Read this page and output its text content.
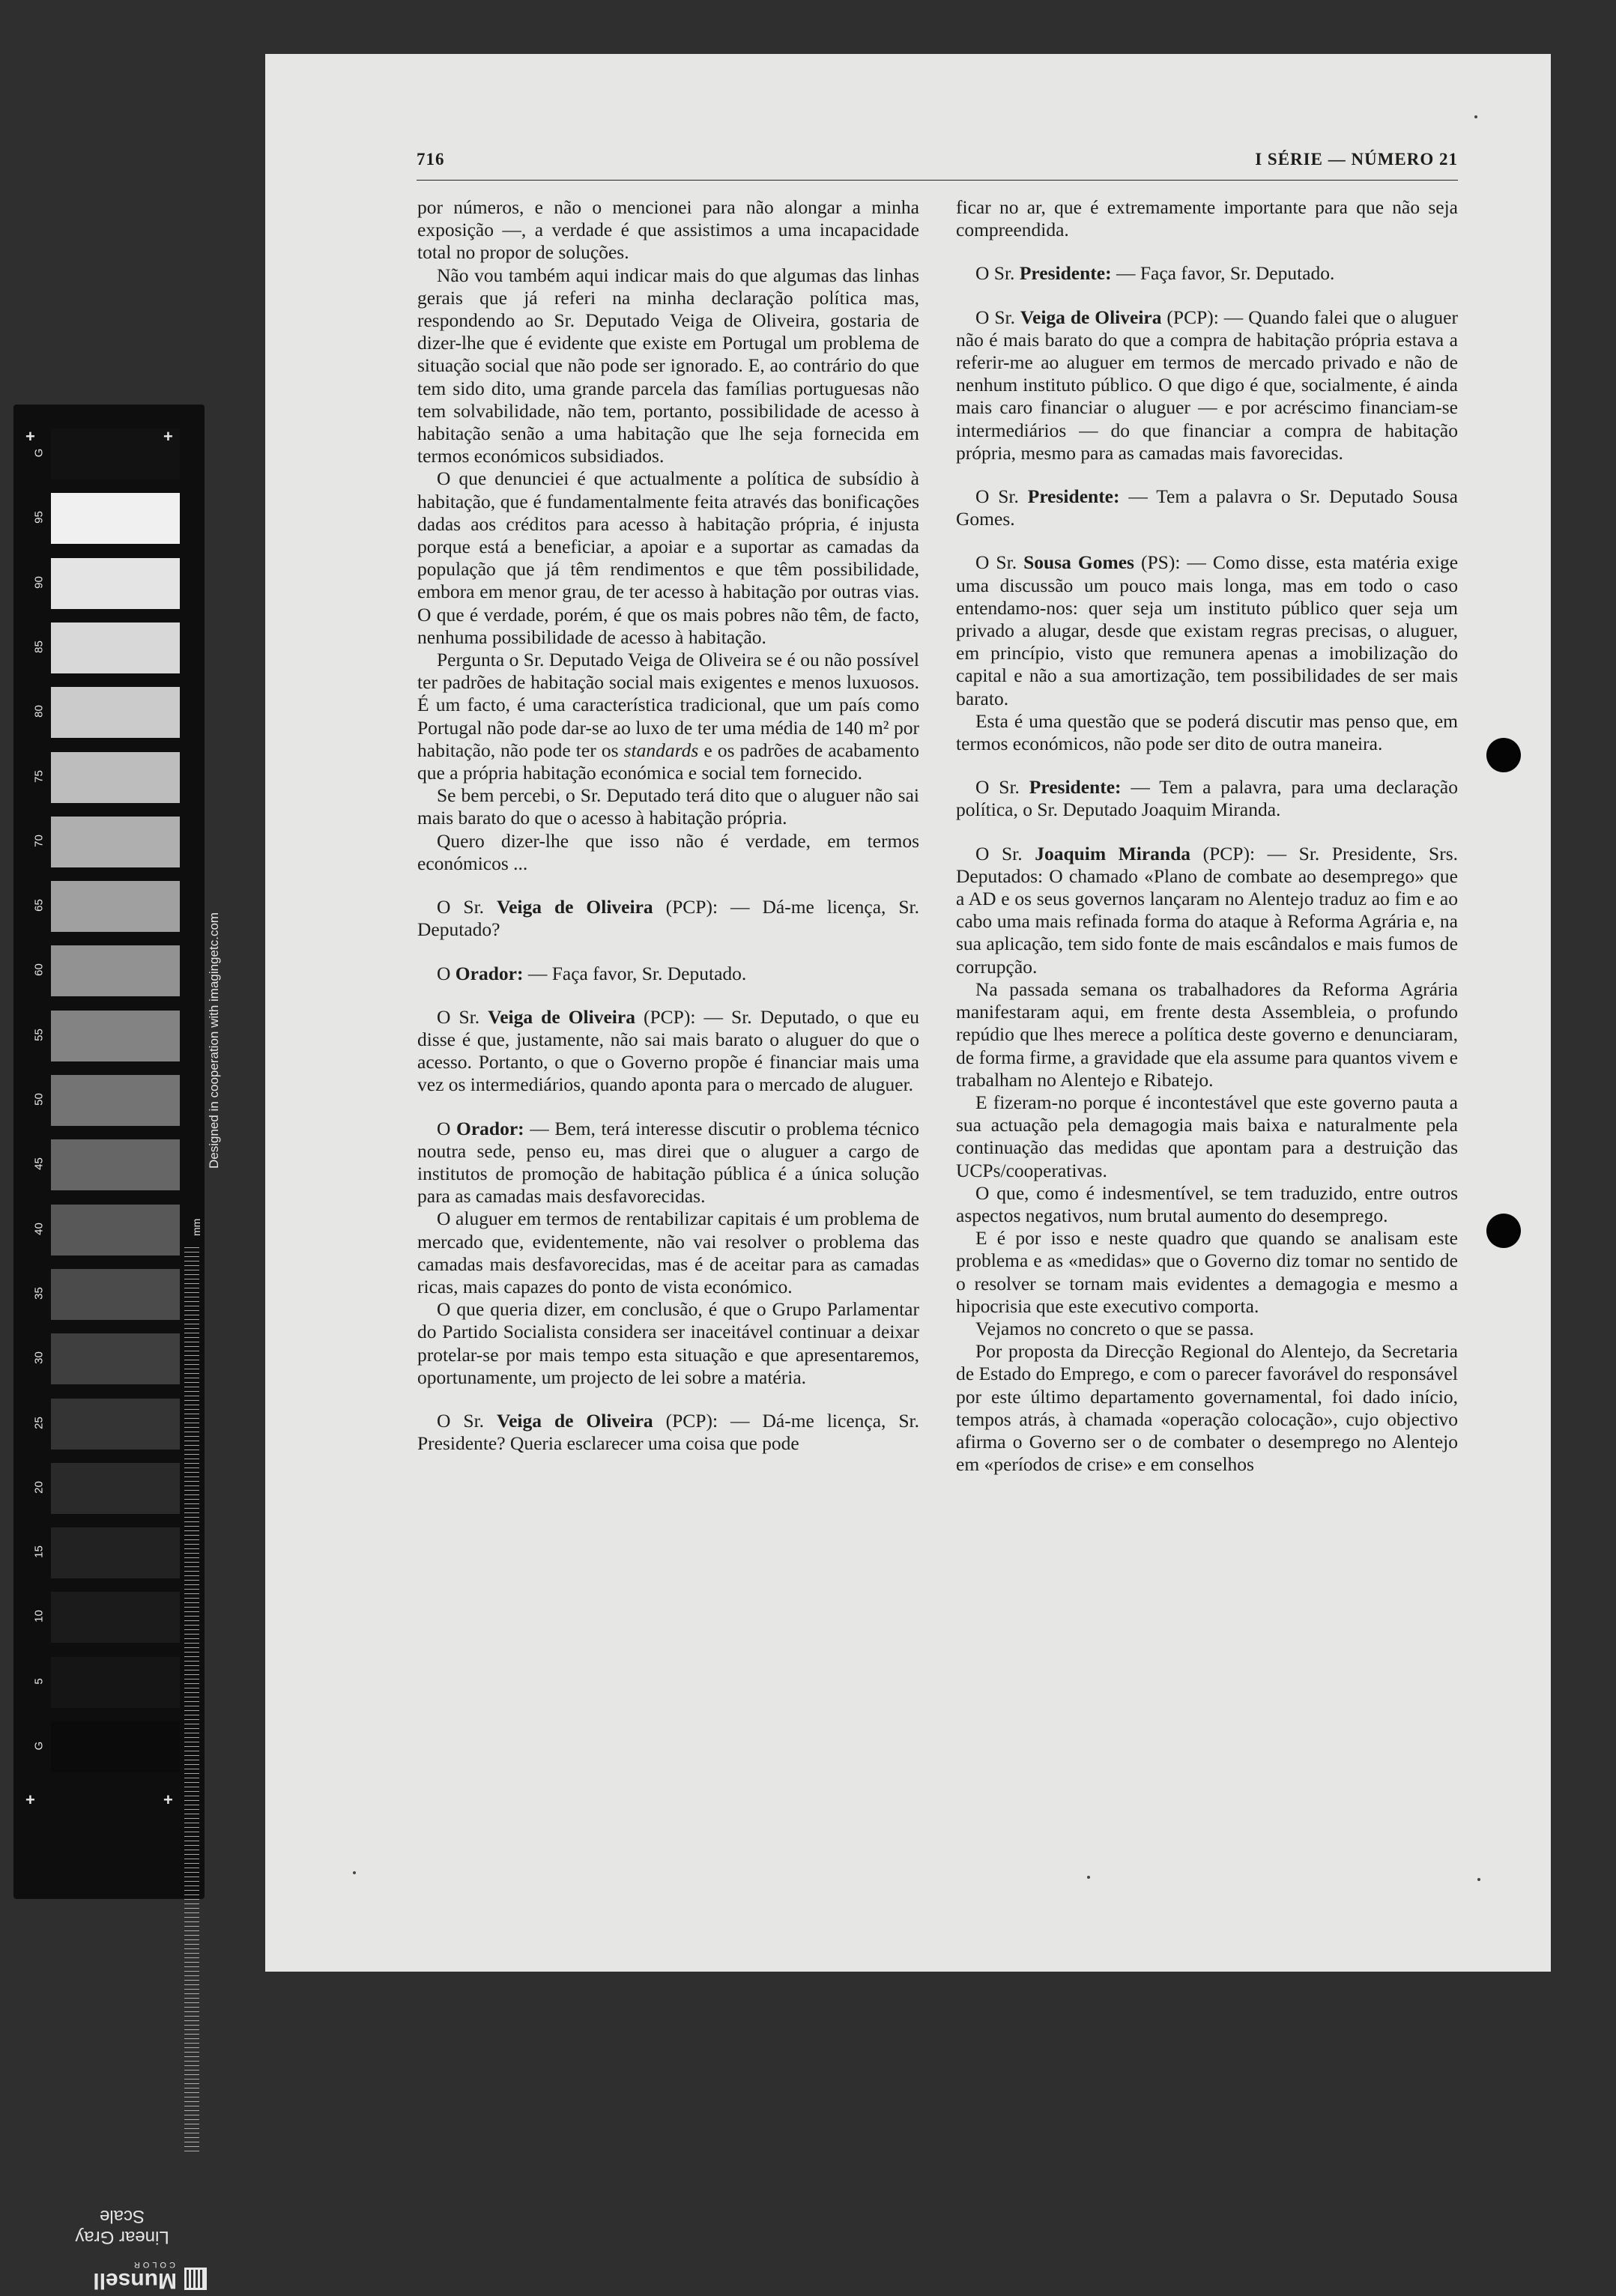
G
95
90
85
80
75
70
65
60
55
50
45
40
35
30
25
20
15
10
5
G
+	+
+	+
mm
Designed in cooperation with imagingetc.com
Linear Gray Scale
Munsell
COLOR
716	I SÉRIE — NÚMERO 21

por números, e não o mencionei para não alongar a minha exposição —, a verdade é que assistimos a uma incapacidade total no propor de soluções.

Não vou também aqui indicar mais do que algumas das linhas gerais que já referi na minha declaração política mas, respondendo ao Sr. Deputado Veiga de Oliveira, gostaria de dizer-lhe que é evidente que existe em Portugal um problema de situação social que não pode ser ignorado. E, ao contrário do que tem sido dito, uma grande parcela das famílias portuguesas não tem solvabilidade, não tem, portanto, possibilidade de acesso à habitação senão a uma habitação que lhe seja fornecida em termos económicos subsidiados.

O que denunciei é que actualmente a política de subsídio à habitação, que é fundamentalmente feita através das bonificações dadas aos créditos para acesso à habitação própria, é injusta porque está a beneficiar, a apoiar e a suportar as camadas da população que já têm rendimentos e que têm possibilidade, embora em menor grau, de ter acesso à habitação por outras vias. O que é verdade, porém, é que os mais pobres não têm, de facto, nenhuma possibilidade de acesso à habitação.

Pergunta o Sr. Deputado Veiga de Oliveira se é ou não possível ter padrões de habitação social mais exigentes e menos luxuosos. É um facto, é uma característica tradicional, que um país como Portugal não pode dar-se ao luxo de ter uma média de 140 m² por habitação, não pode ter os standards e os padrões de acabamento que a própria habitação económica e social tem fornecido.

Se bem percebi, o Sr. Deputado terá dito que o aluguer não sai mais barato do que o acesso à habitação própria.

Quero dizer-lhe que isso não é verdade, em termos económicos ...

O Sr. Veiga de Oliveira (PCP): — Dá-me licença, Sr. Deputado?

O Orador: — Faça favor, Sr. Deputado.

O Sr. Veiga de Oliveira (PCP): — Sr. Deputado, o que eu disse é que, justamente, não sai mais barato o aluguer do que o acesso. Portanto, o que o Governo propõe é financiar mais uma vez os intermediários, quando aponta para o mercado de aluguer.

O Orador: — Bem, terá interesse discutir o problema técnico noutra sede, penso eu, mas direi que o aluguer a cargo de institutos de promoção de habitação pública é a única solução para as camadas mais desfavorecidas.

O aluguer em termos de rentabilizar capitais é um problema de mercado que, evidentemente, não vai resolver o problema das camadas mais desfavorecidas, mas é de aceitar para as camadas ricas, mais capazes do ponto de vista económico.

O que queria dizer, em conclusão, é que o Grupo Parlamentar do Partido Socialista considera ser inaceitável continuar a deixar protelar-se por mais tempo esta situação e que apresentaremos, oportunamente, um projecto de lei sobre a matéria.

O Sr. Veiga de Oliveira (PCP): — Dá-me licença, Sr. Presidente? Queria esclarecer uma coisa que pode

ficar no ar, que é extremamente importante para que não seja compreendida.

O Sr. Presidente: — Faça favor, Sr. Deputado.

O Sr. Veiga de Oliveira (PCP): — Quando falei que o aluguer não é mais barato do que a compra de habitação própria estava a referir-me ao aluguer em termos de mercado privado e não de nenhum instituto público. O que digo é que, socialmente, é ainda mais caro financiar o aluguer — e por acréscimo financiam-se intermediários — do que financiar a compra de habitação própria, mesmo para as camadas mais favorecidas.

O Sr. Presidente: — Tem a palavra o Sr. Deputado Sousa Gomes.

O Sr. Sousa Gomes (PS): — Como disse, esta matéria exige uma discussão um pouco mais longa, mas em todo o caso entendamo-nos: quer seja um instituto público quer seja um privado a alugar, desde que existam regras precisas, o aluguer, em princípio, visto que remunera apenas a imobilização do capital e não a sua amortização, tem possibilidades de ser mais barato.

Esta é uma questão que se poderá discutir mas penso que, em termos económicos, não pode ser dito de outra maneira.

O Sr. Presidente: — Tem a palavra, para uma declaração política, o Sr. Deputado Joaquim Miranda.

O Sr. Joaquim Miranda (PCP): — Sr. Presidente, Srs. Deputados: O chamado «Plano de combate ao desemprego» que a AD e os seus governos lançaram no Alentejo traduz ao fim e ao cabo uma mais refinada forma do ataque à Reforma Agrária e, na sua aplicação, tem sido fonte de mais escândalos e mais fumos de corrupção.

Na passada semana os trabalhadores da Reforma Agrária manifestaram aqui, em frente desta Assembleia, o profundo repúdio que lhes merece a política deste governo e denunciaram, de forma firme, a gravidade que ela assume para quantos vivem e trabalham no Alentejo e Ribatejo.

E fizeram-no porque é incontestável que este governo pauta a sua actuação pela demagogia mais baixa e naturalmente pela continuação das medidas que apontam para a destruição das UCPs/cooperativas.

O que, como é indesmentível, se tem traduzido, entre outros aspectos negativos, num brutal aumento do desemprego.

E é por isso e neste quadro que quando se analisam este problema e as «medidas» que o Governo diz tomar no sentido de o resolver se tornam mais evidentes a demagogia e mesmo a hipocrisia que este executivo comporta.

Vejamos no concreto o que se passa.

Por proposta da Direcção Regional do Alentejo, da Secretaria de Estado do Emprego, e com o parecer favorável do responsável por este último departamento governamental, foi dado início, tempos atrás, à chamada «operação colocação», cujo objectivo afirma o Governo ser o de combater o desemprego no Alentejo em «períodos de crise» e em conselhos
